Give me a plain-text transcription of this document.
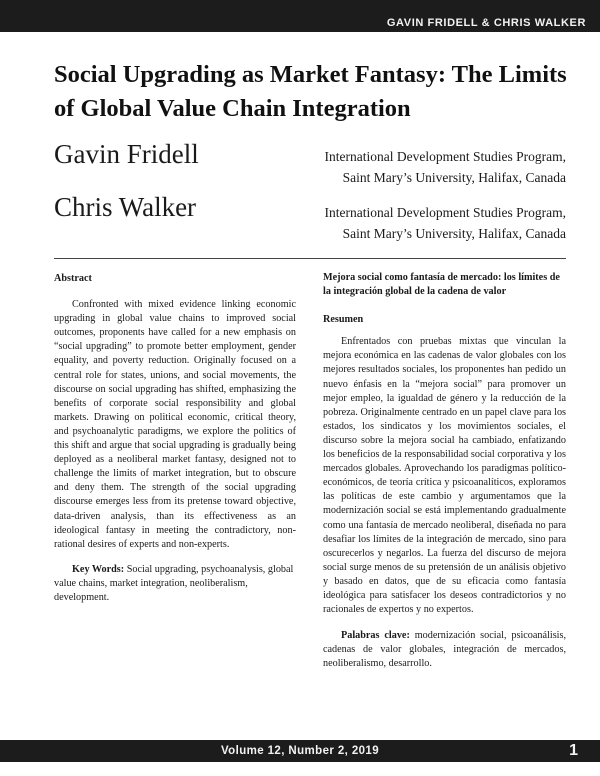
GAVIN FRIDELL & CHRIS WALKER
Social Upgrading as Market Fantasy: The Limits of Global Value Chain Integration
Gavin Fridell	International Development Studies Program,
Saint Mary’s University, Halifax, Canada
Chris Walker	International Development Studies Program,
Saint Mary’s University, Halifax, Canada
Abstract

Confronted with mixed evidence linking economic upgrading in global value chains to improved social outcomes, proponents have called for a new emphasis on “social upgrading” to promote better employment, gender equality, and poverty reduction. Originally focused on a central role for states, unions, and social movements, the discourse on social upgrading has shifted, emphasizing the benefits of corporate social responsibility and global markets. Drawing on political economic, critical theory, and psychoanalytic paradigms, we explore the politics of this shift and argue that social upgrading is gradually being deployed as a neoliberal market fantasy, designed not to challenge the limits of market integration, but to obscure and deny them. The strength of the social upgrading discourse emerges less from its pretense toward objective, data-driven analysis, than its effectiveness as an ideological fantasy in meeting the contradictory, non-rational desires of experts and non-experts.

Key Words: Social upgrading, psychoanalysis, global value chains, market integration, neoliberalism, development.

Mejora social como fantasía de mercado: los límites de la integración global de la cadena de valor
Resumen

Enfrentados con pruebas mixtas que vinculan la mejora económica en las cadenas de valor globales con los mejores resultados sociales, los proponentes han pedido un nuevo énfasis en la “mejora social” para promover un mejor empleo, la igualdad de género y la reducción de la pobreza. Originalmente centrado en un papel clave para los estados, los sindicatos y los movimientos sociales, el discurso sobre la mejora social ha cambiado, enfatizando los beneficios de la responsabilidad social corporativa y los mercados globales. Aprovechando los paradigmas político-económicos, de teoría crítica y psicoanalíticos, exploramos las políticas de este cambio y argumentamos que la modernización social se está implementando gradualmente como una fantasía de mercado neoliberal, diseñada no para desafiar los límites de la integración de mercado, sino para oscurecerlos y negarlos. La fuerza del discurso de mejora social surge menos de su pretensión de un análisis objetivo y basado en datos, que de su eficacia como fantasía ideológica para satisfacer los deseos contradictorios y no racionales de expertos y no expertos.

Palabras clave: modernización social, psicoanálisis, cadenas de valor globales, integración de mercados, neoliberalismo, desarrollo.

Volume 12, Number 2, 2019	1
